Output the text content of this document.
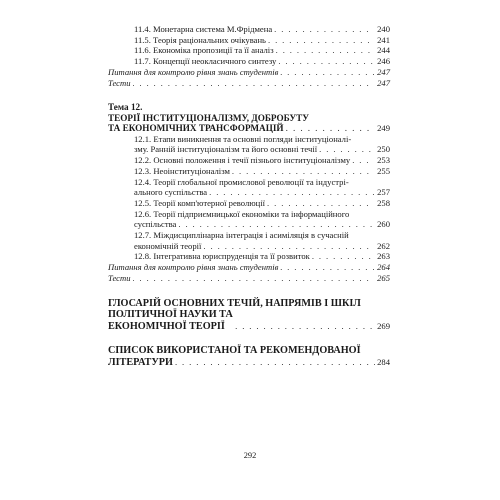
11.4. Монетарна система М.Фрідмена . . .	240
11.5. Теорія раціональних очікувань . . .	241
11.6. Економіка пропозиції та її аналіз . . .	244
11.7. Концепції неокласичного синтезу . . .	246
Питання для контролю рівня знань студентів . . .	247
Тести . . .	247
Тема 12.
ТЕОРІЇ ІНСТИТУЦІОНАЛІЗМУ, ДОБРОБУТУ
ТА ЕКОНОМІЧНИХ ТРАНСФОРМАЦІЙ . . .	249
12.1. Етапи виникнення та основні погляди інституціоналі-
зму. Ранній інституціоналізм та його основні течії . . .	250
12.2. Основні положення і течії пізнього інституціоналізму . . .	253
12.3. Неоінституціоналізм . . .	255
12.4. Теорії глобальної промислової революції та індустрі-
ального суспільства . . .	257
12.5. Теорії комп'ютерної революції . . .	258
12.6. Теорії підприємницької економіки та інформаційного
суспільства . . .	260
12.7. Міждисциплінарна інтеграція і асиміляція в сучасній
економічній теорії . . .	262
12.8. Інтегративна юриспруденція та її розвиток . . .	263
Питання для контролю рівня знань студентів . . .	264
Тести . . .	265
ГЛОСАРІЙ ОСНОВНИХ ТЕЧІЙ, НАПРЯМІВ І ШКІЛ
ПОЛІТИЧНОЇ НАУКИ ТА ЕКОНОМІЧНОЇ ТЕОРІЇ . . .	269
СПИСОК ВИКОРИСТАНОЇ ТА РЕКОМЕНДОВАНОЇ
ЛІТЕРАТУРИ . . .	284
292
